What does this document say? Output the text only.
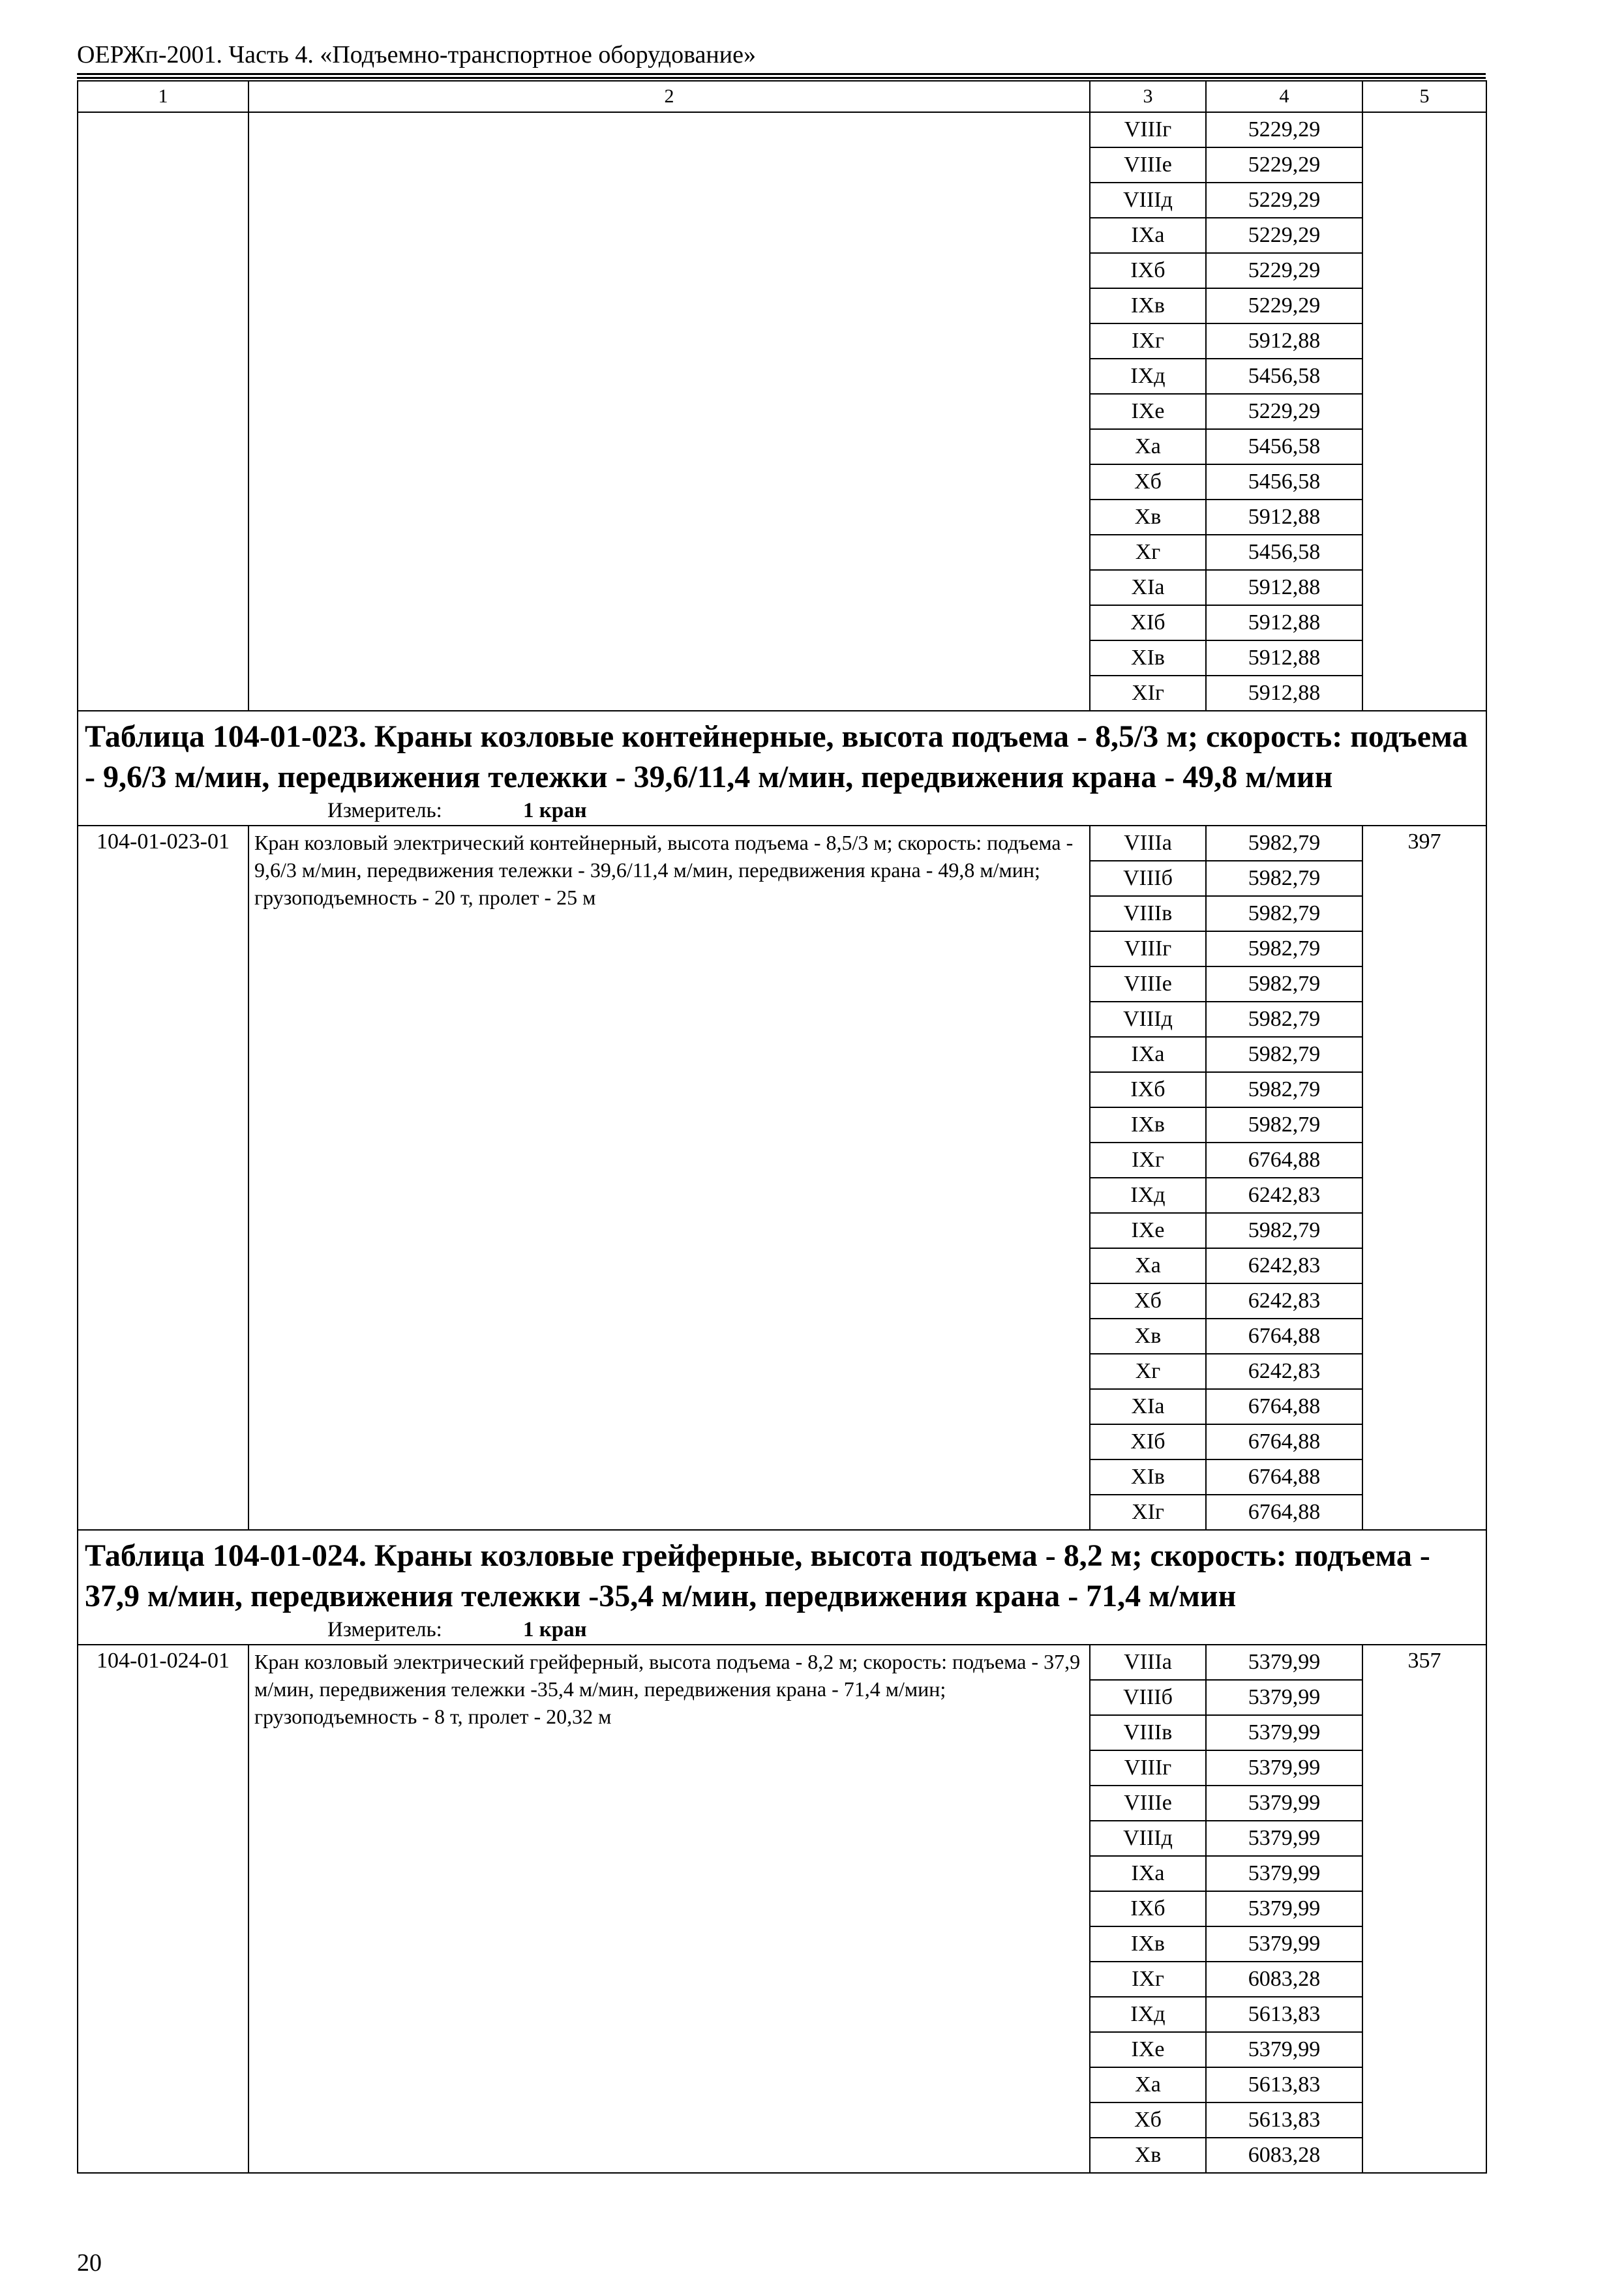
ОЕРЖп-2001. Часть 4. «Подъемно-транспортное оборудование»
1	2	3	4	5
		VIIIг	5229,29	
		VIIIе	5229,29	
		VIIIд	5229,29	
		IXа	5229,29	
		IXб	5229,29	
		IXв	5229,29	
		IXг	5912,88	
		IXд	5456,58	
		IXе	5229,29	
		Xа	5456,58	
		Xб	5456,58	
		Xв	5912,88	
		Xг	5456,58	
		XIа	5912,88	
		XIб	5912,88	
		XIв	5912,88	
		XIг	5912,88	

Таблица 104-01-023. Краны козловые контейнерные, высота подъема - 8,5/3 м; скорость: подъема - 9,6/3 м/мин, передвижения тележки - 39,6/11,4 м/мин, передвижения крана - 49,8 м/мин
Измеритель: 1 кран				

104-01-023-01	Кран козловый электрический контейнерный, высота подъема - 8,5/3 м; скорость: подъема - 9,6/3 м/мин, передвижения тележки - 39,6/11,4 м/мин, передвижения крана - 49,8 м/мин; грузоподъемность - 20 т, пролет - 25 м	VIIIа	5982,79	397
		VIIIб	5982,79	
		VIIIв	5982,79	
		VIIIг	5982,79	
		VIIIе	5982,79	
		VIIIд	5982,79	
		IXа	5982,79	
		IXб	5982,79	
		IXв	5982,79	
		IXг	6764,88	
		IXд	6242,83	
		IXе	5982,79	
		Xа	6242,83	
		Xб	6242,83	
		Xв	6764,88	
		Xг	6242,83	
		XIа	6764,88	
		XIб	6764,88	
		XIв	6764,88	
		XIг	6764,88	

Таблица 104-01-024. Краны козловые грейферные, высота подъема - 8,2 м; скорость: подъема - 37,9 м/мин, передвижения тележки -35,4 м/мин, передвижения крана - 71,4 м/мин
Измеритель: 1 кран				

104-01-024-01	Кран козловый электрический грейферный, высота подъема - 8,2 м; скорость: подъема - 37,9 м/мин, передвижения тележки -35,4 м/мин, передвижения крана - 71,4 м/мин; грузоподъемность - 8 т, пролет - 20,32 м	VIIIа	5379,99	357
		VIIIб	5379,99	
		VIIIв	5379,99	
		VIIIг	5379,99	
		VIIIе	5379,99	
		VIIIд	5379,99	
		IXа	5379,99	
		IXб	5379,99	
		IXв	5379,99	
		IXг	6083,28	
		IXд	5613,83	
		IXе	5379,99	
		Xа	5613,83	
		Xб	5613,83	
		Xв	6083,28	
20
